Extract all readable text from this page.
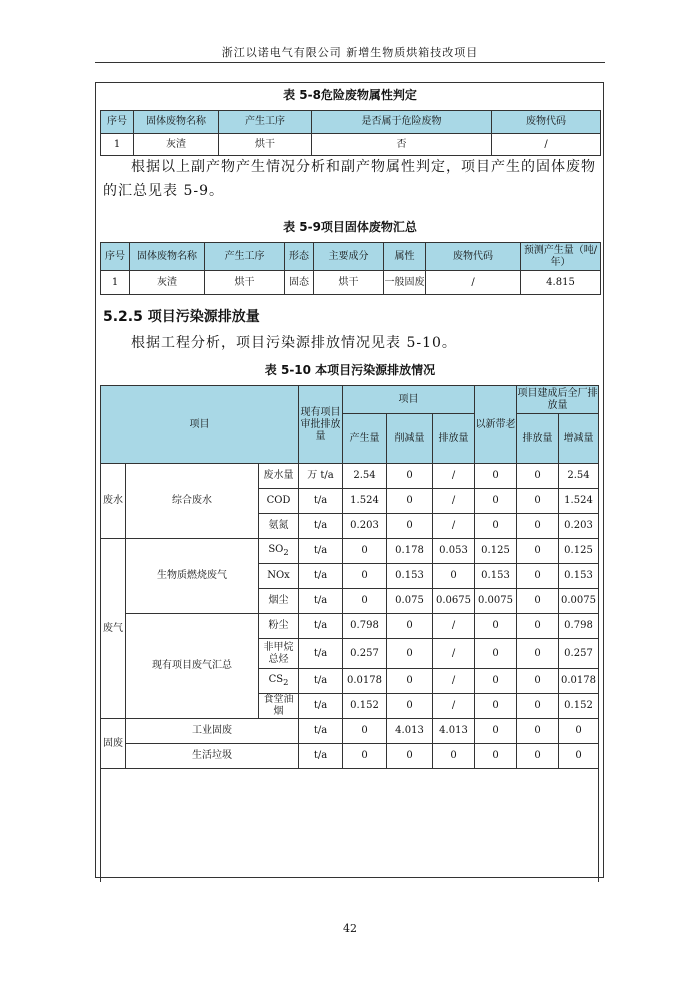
浙江以诺电气有限公司 新增生物质烘箱技改项目
表 5-8危险废物属性判定
序号	固体废物名称	产生工序	是否属于危险废物	废物代码
1	灰渣	烘干	否	/
根据以上副产物产生情况分析和副产物属性判定，项目产生的固体废物的汇总见表 5-9。
表 5-9项目固体废物汇总
序号	固体废物名称	产生工序	形态	主要成分	属性	废物代码	预测产生量（吨/年）
1	灰渣	烘干	固态	烘干	一般固废	/	4.815
5.2.5 项目污染源排放量
根据工程分析，项目污染源排放情况见表 5-10。
表 5-10 本项目污染源排放情况
项目			现有项目审批排放量	项目			以新带老	项目建成后全厂排放量		
				产生量	削减量	排放量		排放量	增减量	
废水	综合废水	废水量	万 t/a	2.54	0	/	0	0	2.54	
		COD	t/a	1.524	0	/	0	0	1.524	
		氨氮	t/a	0.203	0	/	0	0	0.203	
废气	生物质燃烧废气	$SO_2$	t/a	0	0.178	0.053	0.125	0	0.125	
		NOx	t/a	0	0.153	0	0.153	0	0.153	
		烟尘	t/a	0	0.075	0.0675	0.0075	0	0.0075	
	现有项目废气汇总	粉尘	t/a	0.798	0	/	0	0	0.798	
		非甲烷总烃	t/a	0.257	0	/	0	0	0.257	
		$CS_2$	t/a	0.0178	0	/	0	0	0.0178	
		食堂油烟	t/a	0.152	0	/	0	0	0.152	
固废	工业固废		t/a	0	4.013	4.013	0	0	0	
	生活垃圾		t/a	0	0	0	0	0	0	

42
